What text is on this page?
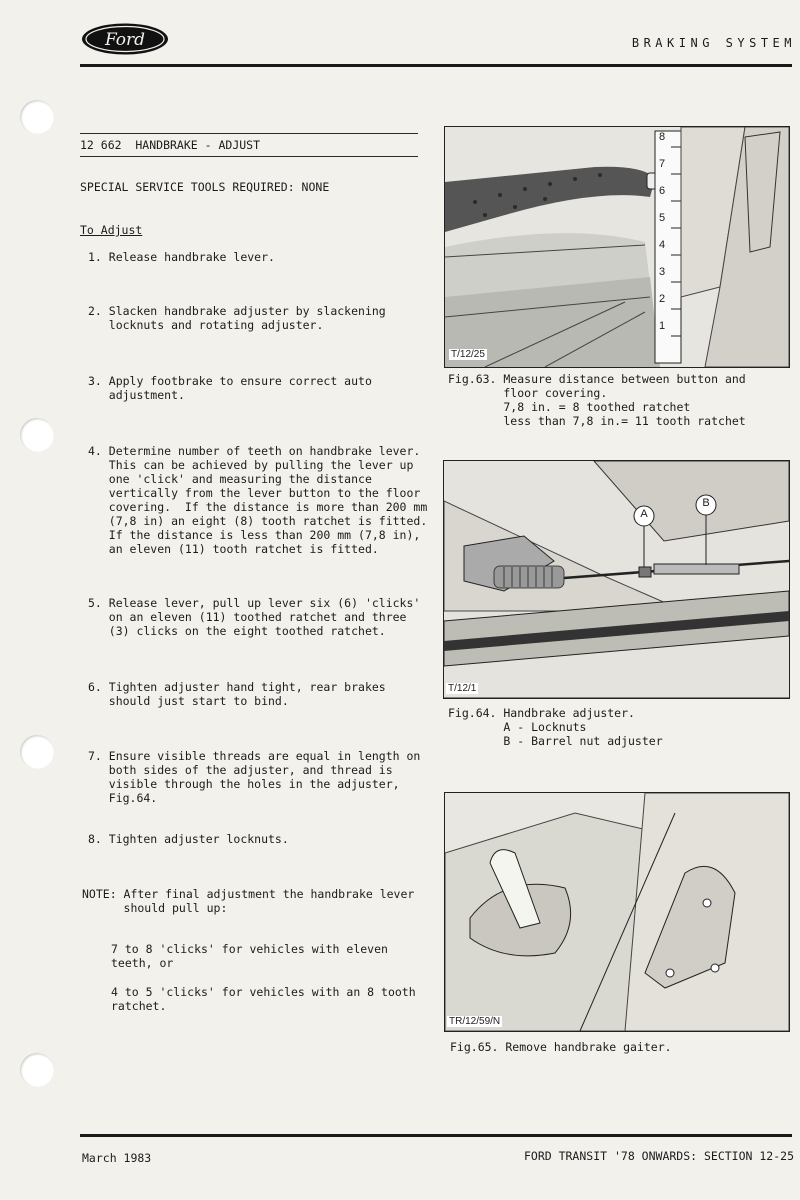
Ford	BRAKING SYSTEM
12 662  HANDBRAKE - ADJUST
SPECIAL SERVICE TOOLS REQUIRED: NONE
To Adjust
1. Release handbrake lever.
2. Slacken handbrake adjuster by slackening
locknuts and rotating adjuster.
3. Apply footbrake to ensure correct auto
adjustment.
4. Determine number of teeth on handbrake lever.
This can be achieved by pulling the lever up
one 'click' and measuring the distance
vertically from the lever button to the floor
covering.  If the distance is more than 200 mm
(7,8 in) an eight (8) tooth ratchet is fitted.
If the distance is less than 200 mm (7,8 in),
an eleven (11) tooth ratchet is fitted.
5. Release lever, pull up lever six (6) 'clicks'
on an eleven (11) toothed ratchet and three
(3) clicks on the eight toothed ratchet.
6. Tighten adjuster hand tight, rear brakes
should just start to bind.
7. Ensure visible threads are equal in length on
both sides of the adjuster, and thread is
visible through the holes in the adjuster,
Fig.64.
8. Tighten adjuster locknuts.
NOTE: After final adjustment the handbrake lever
should pull up:
7 to 8 'clicks' for vehicles with eleven
teeth, or
4 to 5 'clicks' for vehicles with an 8 tooth
ratchet.
8
7
6
5
4
3
2
1
T/12/25
Fig.63. Measure distance between button and
floor covering.
7,8 in. = 8 toothed ratchet
less than 7,8 in.= 11 tooth ratchet
A
B
T/12/1
Fig.64. Handbrake adjuster.
A - Locknuts
B - Barrel nut adjuster
TR/12/59/N
Fig.65. Remove handbrake gaiter.
March 1983	FORD TRANSIT '78 ONWARDS: SECTION 12-25
